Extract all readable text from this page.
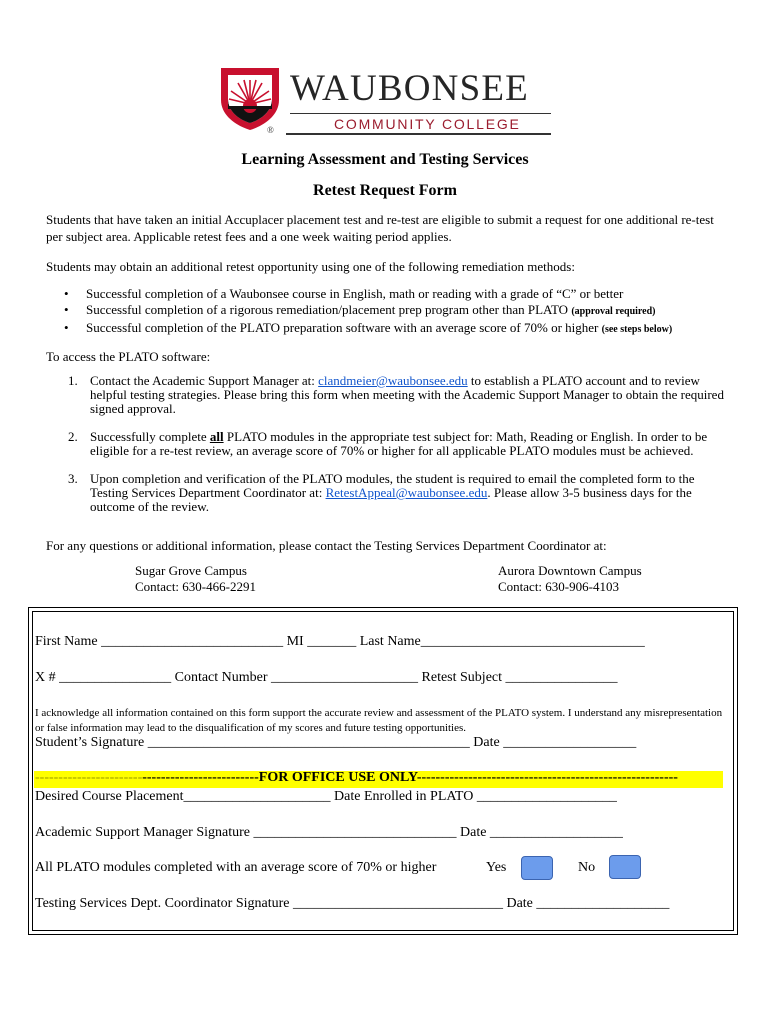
®
WAUBONSEE
COMMUNITY COLLEGE
Learning Assessment and Testing Services
Retest Request Form

Students that have taken an initial Accuplacer placement test and re-test are eligible to submit a request for one additional re-test per subject area. Applicable retest fees and a one week waiting period applies.

Students may obtain an additional retest opportunity using one of the following remediation methods:

• Successful completion of a Waubonsee course in English, math or reading with a grade of “C” or better
• Successful completion of a rigorous remediation/placement prep program other than PLATO (approval required)
• Successful completion of the PLATO preparation software with an average score of 70% or higher (see steps below)

To access the PLATO software:

1. Contact the Academic Support Manager at: clandmeier@waubonsee.edu to establish a PLATO account and to review helpful testing strategies. Please bring this form when meeting with the Academic Support Manager to obtain the required signed approval.
2. Successfully complete all PLATO modules in the appropriate test subject for: Math, Reading or English. In order to be eligible for a re-test review, an average score of 70% or higher for all applicable PLATO modules must be achieved.
3. Upon completion and verification of the PLATO modules, the student is required to email the completed form to the Testing Services Department Coordinator at: RetestAppeal@waubonsee.edu. Please allow 3-5 business days for the outcome of the review.

For any questions or additional information, please contact the Testing Services Department Coordinator at:

Sugar Grove Campus
Contact: 630-466-2291
Aurora Downtown Campus
Contact: 630-906-4103
First Name __________________________ MI _______ Last Name________________________________
X # ________________ Contact Number _____________________ Retest Subject ________________
I acknowledge all information contained on this form support the accurate review and assessment of the PLATO system. I understand any misrepresentation or false information may lead to the disqualification of my scores and future testing opportunities.
Student’s Signature ______________________________________________ Date ___________________
------------------------------------------------FOR OFFICE USE ONLY--------------------------------------------------------
Desired Course Placement_____________________ Date Enrolled in PLATO ____________________
Academic Support Manager Signature _____________________________ Date ___________________
All PLATO modules completed with an average score of 70% or higher	Yes	No
Testing Services Dept. Coordinator Signature ______________________________ Date ___________________
